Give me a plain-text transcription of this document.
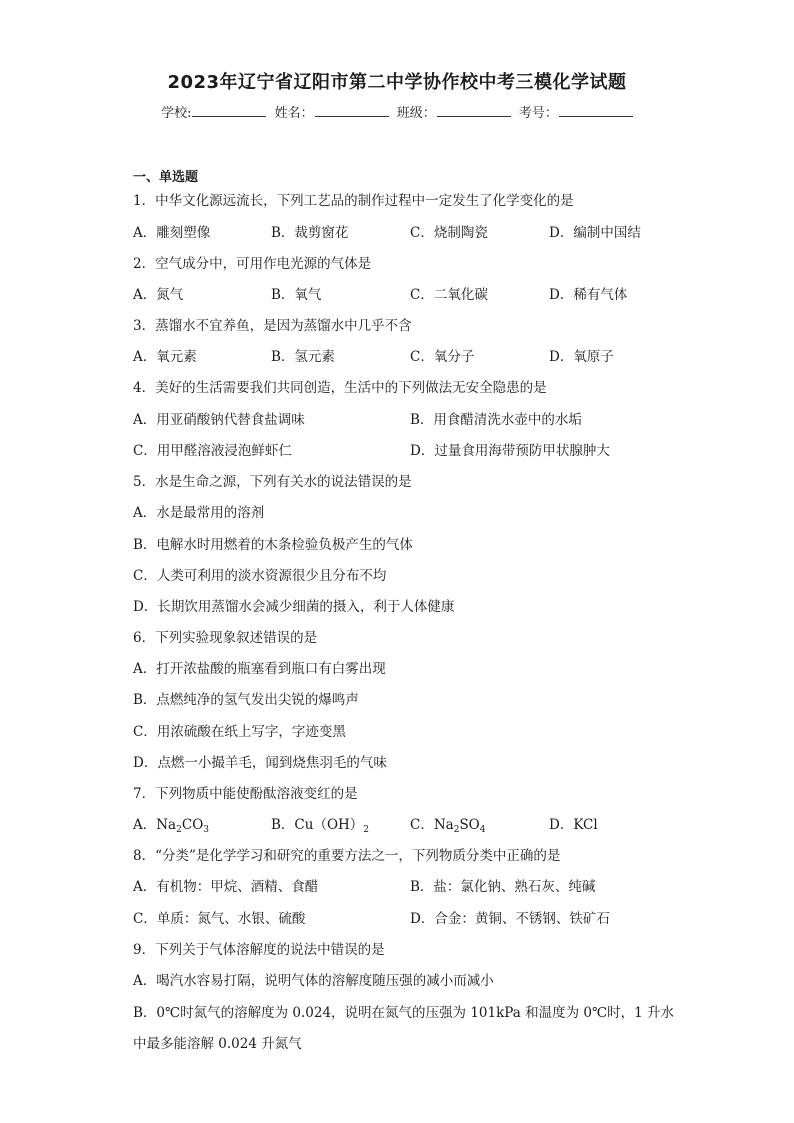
2023年辽宁省辽阳市第二中学协作校中考三模化学试题
学校:	姓名：	班级：	考号：
一、单选题
1．中华文化源远流长，下列工艺品的制作过程中一定发生了化学变化的是
A．雕刻塑像	B．裁剪窗花	C．烧制陶瓷	D．编制中国结
2．空气成分中，可用作电光源的气体是
A．氮气	B．氧气	C．二氧化碳	D．稀有气体
3．蒸馏水不宜养鱼，是因为蒸馏水中几乎不含
A．氧元素	B．氢元素	C．氧分子	D．氧原子
4．美好的生活需要我们共同创造，生活中的下列做法无安全隐患的是
A．用亚硝酸钠代替食盐调味	B．用食醋清洗水壶中的水垢
C．用甲醛溶液浸泡鲜虾仁	D．过量食用海带预防甲状腺肿大
5．水是生命之源，下列有关水的说法错误的是
A．水是最常用的溶剂
B．电解水时用燃着的木条检验负极产生的气体
C．人类可利用的淡水资源很少且分布不均
D．长期饮用蒸馏水会减少细菌的摄入，利于人体健康
6．下列实验现象叙述错误的是
A．打开浓盐酸的瓶塞看到瓶口有白雾出现
B．点燃纯净的氢气发出尖锐的爆鸣声
C．用浓硫酸在纸上写字，字迹变黑
D．点燃一小撮羊毛，闻到烧焦羽毛的气味
7．下列物质中能使酚酞溶液变红的是
A．$Na_2CO_3$	B．$Cu(OH)_2$	C．$Na_2SO_4$	D．KCl
8．“分类”是化学学习和研究的重要方法之一，下列物质分类中正确的是
A．有机物：甲烷、酒精、食醋	B．盐：氯化钠、熟石灰、纯碱
C．单质：氮气、水银、硫酸	D．合金：黄铜、不锈钢、铁矿石
9．下列关于气体溶解度的说法中错误的是
A．喝汽水容易打隔，说明气体的溶解度随压强的减小而减小
B．0℃时氮气的溶解度为 0.024，说明在氮气的压强为 101kPa 和温度为 0℃时，1 升水
中最多能溶解 0.024 升氮气
